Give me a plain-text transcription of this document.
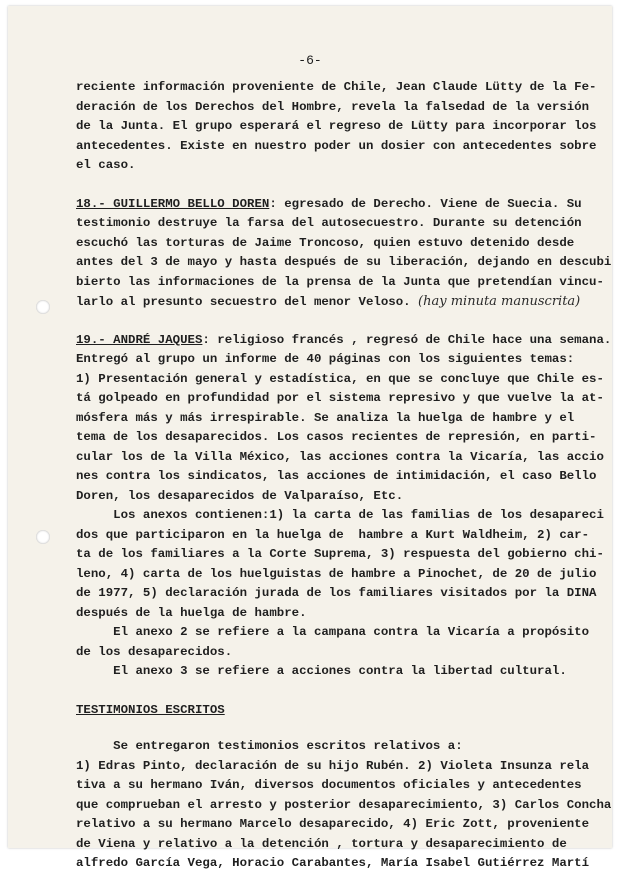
-6-
reciente información proveniente de Chile, Jean Claude Lütty de la Fe-
deración de los Derechos del Hombre, revela la falsedad de la versión
de la Junta. El grupo esperará el regreso de Lütty para incorporar los
antecedentes. Existe en nuestro poder un dosier con antecedentes sobre
el caso.
18.- GUILLERMO BELLO DOREN: egresado de Derecho. Viene de Suecia. Su
testimonio destruye la farsa del autosecuestro. Durante su detención
escuchó las torturas de Jaime Troncoso, quien estuvo detenido desde
antes del 3 de mayo y hasta después de su liberación, dejando en descubi
bierto las informaciones de la prensa de la Junta que pretendían vincu-
larlo al presunto secuestro del menor Veloso. (hay minuta manuscrita)
19.- ANDRÉ JAQUES: religioso francés , regresó de Chile hace una semana.
Entregó al grupo un informe de 40 páginas con los siguientes temas:
1) Presentación general y estadística, en que se concluye que Chile es-
tá golpeado en profundidad por el sistema represivo y que vuelve la at-
mósfera más y más irrespirable. Se analiza la huelga de hambre y el
tema de los desaparecidos. Los casos recientes de represión, en parti-
cular los de la Villa México, las acciones contra la Vicaría, las accio
nes contra los sindicatos, las acciones de intimidación, el caso Bello
Doren, los desaparecidos de Valparaíso, Etc.
Los anexos contienen:1) la carta de las familias de los desapareci
dos que participaron en la huelga de  hambre a Kurt Waldheim, 2) car-
ta de los familiares a la Corte Suprema, 3) respuesta del gobierno chi-
leno, 4) carta de los huelguistas de hambre a Pinochet, de 20 de julio
de 1977, 5) declaración jurada de los familiares visitados por la DINA
después de la huelga de hambre.
El anexo 2 se refiere a la campana contra la Vicaría a propósito
de los desaparecidos.
El anexo 3 se refiere a acciones contra la libertad cultural.
TESTIMONIOS ESCRITOS
Se entregaron testimonios escritos relativos a:
1) Edras Pinto, declaración de su hijo Rubén. 2) Violeta Insunza rela
tiva a su hermano Iván, diversos documentos oficiales y antecedentes
que comprueban el arresto y posterior desaparecimiento, 3) Carlos Concha
relativo a su hermano Marcelo desaparecido, 4) Eric Zott, proveniente
de Viena y relativo a la detención , tortura y desaparecimiento de
alfredo García Vega, Horacio Carabantes, María Isabel Gutiérrez Martí
